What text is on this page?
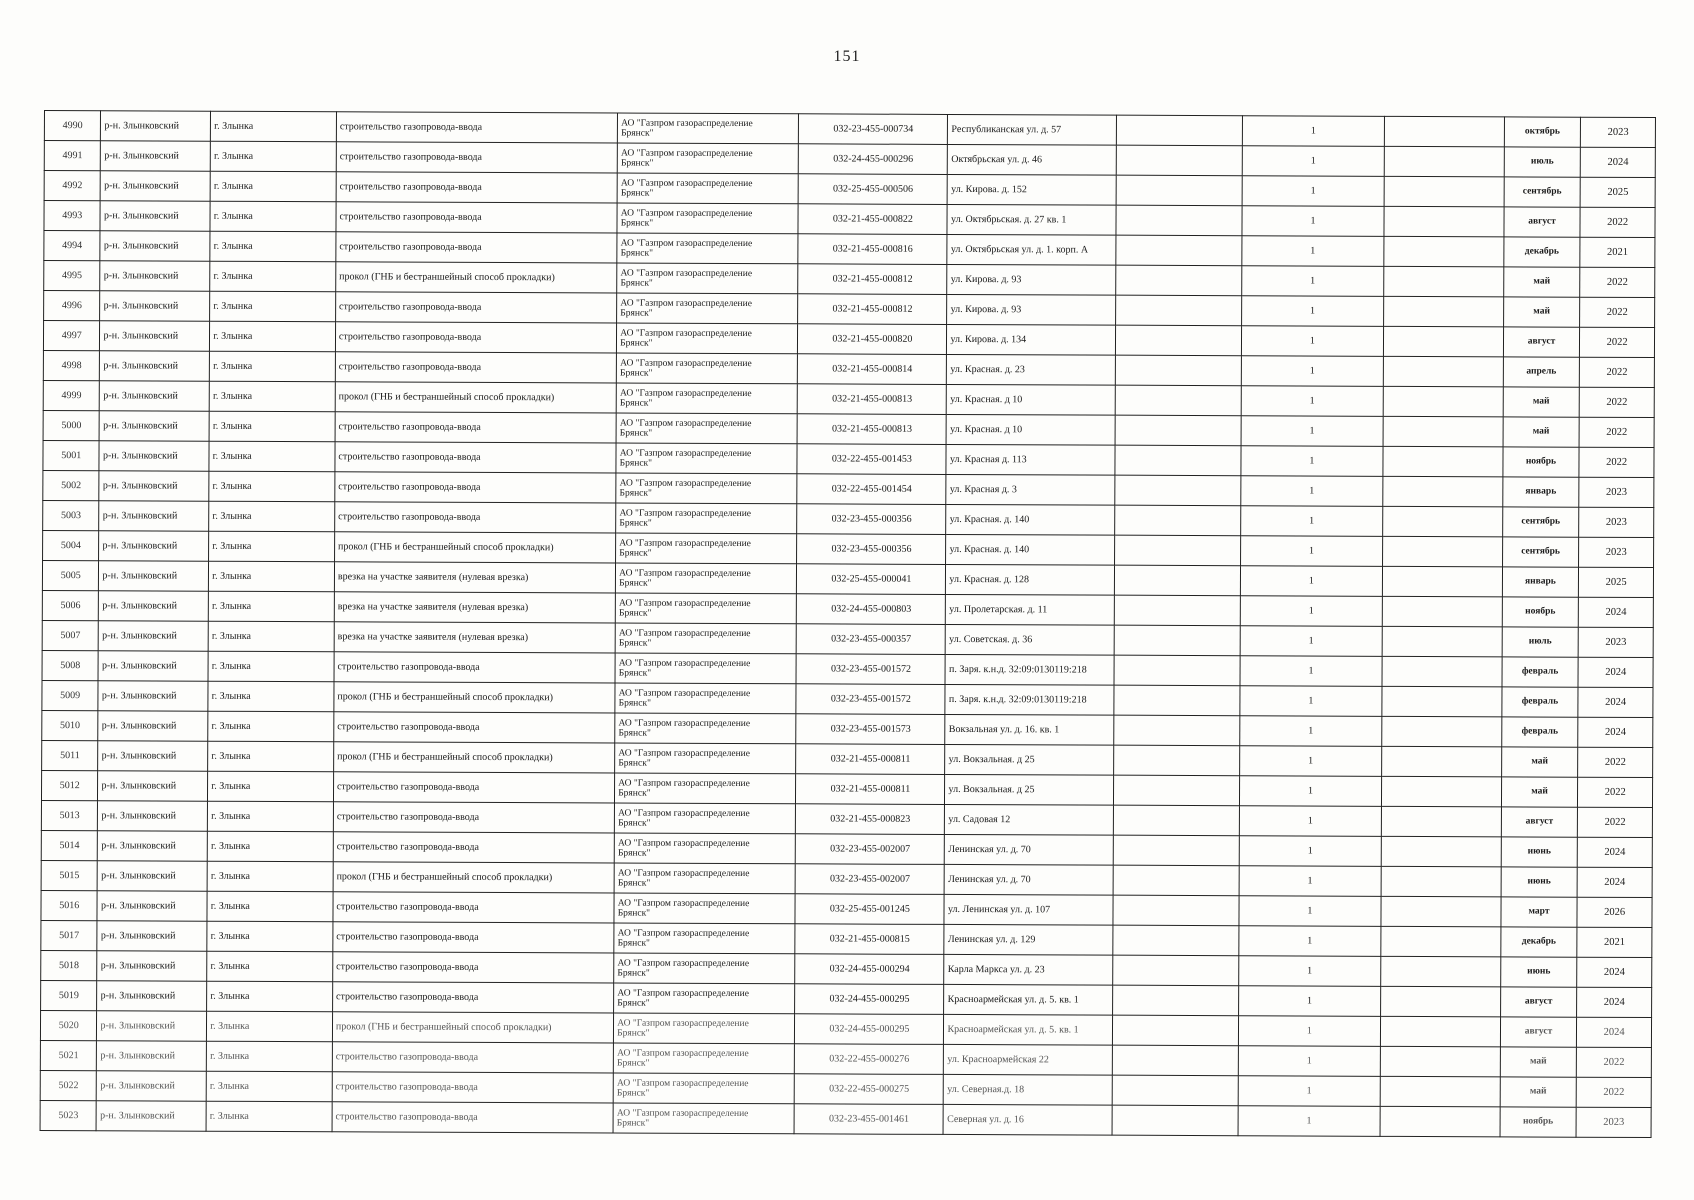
151
4990	р-н. Злынковский	г. Злынка	строительство газопровода-ввода	АО "Газпром газораспределение
Брянск"	032-23-455-000734	Республиканская ул. д. 57		1		октябрь	2023
4991	р-н. Злынковский	г. Злынка	строительство газопровода-ввода	АО "Газпром газораспределение
Брянск"	032-24-455-000296	Октябрьская ул. д. 46		1		июль	2024
4992	р-н. Злынковский	г. Злынка	строительство газопровода-ввода	АО "Газпром газораспределение
Брянск"	032-25-455-000506	ул. Кирова. д. 152		1		сентябрь	2025
4993	р-н. Злынковский	г. Злынка	строительство газопровода-ввода	АО "Газпром газораспределение
Брянск"	032-21-455-000822	ул. Октябрьская. д. 27 кв. 1		1		август	2022
4994	р-н. Злынковский	г. Злынка	строительство газопровода-ввода	АО "Газпром газораспределение
Брянск"	032-21-455-000816	ул. Октябрьская ул. д. 1. корп. А		1		декабрь	2021
4995	р-н. Злынковский	г. Злынка	прокол (ГНБ и бестраншейный способ прокладки)	АО "Газпром газораспределение
Брянск"	032-21-455-000812	ул. Кирова. д. 93		1		май	2022
4996	р-н. Злынковский	г. Злынка	строительство газопровода-ввода	АО "Газпром газораспределение
Брянск"	032-21-455-000812	ул. Кирова. д. 93		1		май	2022
4997	р-н. Злынковский	г. Злынка	строительство газопровода-ввода	АО "Газпром газораспределение
Брянск"	032-21-455-000820	ул. Кирова. д. 134		1		август	2022
4998	р-н. Злынковский	г. Злынка	строительство газопровода-ввода	АО "Газпром газораспределение
Брянск"	032-21-455-000814	ул. Красная. д. 23		1		апрель	2022
4999	р-н. Злынковский	г. Злынка	прокол (ГНБ и бестраншейный способ прокладки)	АО "Газпром газораспределение
Брянск"	032-21-455-000813	ул. Красная. д 10		1		май	2022
5000	р-н. Злынковский	г. Злынка	строительство газопровода-ввода	АО "Газпром газораспределение
Брянск"	032-21-455-000813	ул. Красная. д 10		1		май	2022
5001	р-н. Злынковский	г. Злынка	строительство газопровода-ввода	АО "Газпром газораспределение
Брянск"	032-22-455-001453	ул. Красная д. 113		1		ноябрь	2022
5002	р-н. Злынковский	г. Злынка	строительство газопровода-ввода	АО "Газпром газораспределение
Брянск"	032-22-455-001454	ул. Красная д. 3		1		январь	2023
5003	р-н. Злынковский	г. Злынка	строительство газопровода-ввода	АО "Газпром газораспределение
Брянск"	032-23-455-000356	ул. Красная. д. 140		1		сентябрь	2023
5004	р-н. Злынковский	г. Злынка	прокол (ГНБ и бестраншейный способ прокладки)	АО "Газпром газораспределение
Брянск"	032-23-455-000356	ул. Красная. д. 140		1		сентябрь	2023
5005	р-н. Злынковский	г. Злынка	врезка на участке заявителя (нулевая врезка)	АО "Газпром газораспределение
Брянск"	032-25-455-000041	ул. Красная. д. 128		1		январь	2025
5006	р-н. Злынковский	г. Злынка	врезка на участке заявителя (нулевая врезка)	АО "Газпром газораспределение
Брянск"	032-24-455-000803	ул. Пролетарская. д. 11		1		ноябрь	2024
5007	р-н. Злынковский	г. Злынка	врезка на участке заявителя (нулевая врезка)	АО "Газпром газораспределение
Брянск"	032-23-455-000357	ул. Советская. д. 36		1		июль	2023
5008	р-н. Злынковский	г. Злынка	строительство газопровода-ввода	АО "Газпром газораспределение
Брянск"	032-23-455-001572	п. Заря. к.н.д. 32:09:0130119:218		1		февраль	2024
5009	р-н. Злынковский	г. Злынка	прокол (ГНБ и бестраншейный способ прокладки)	АО "Газпром газораспределение
Брянск"	032-23-455-001572	п. Заря. к.н.д. 32:09:0130119:218		1		февраль	2024
5010	р-н. Злынковский	г. Злынка	строительство газопровода-ввода	АО "Газпром газораспределение
Брянск"	032-23-455-001573	Вокзальная ул. д. 16. кв. 1		1		февраль	2024
5011	р-н. Злынковский	г. Злынка	прокол (ГНБ и бестраншейный способ прокладки)	АО "Газпром газораспределение
Брянск"	032-21-455-000811	ул. Вокзальная. д 25		1		май	2022
5012	р-н. Злынковский	г. Злынка	строительство газопровода-ввода	АО "Газпром газораспределение
Брянск"	032-21-455-000811	ул. Вокзальная. д 25		1		май	2022
5013	р-н. Злынковский	г. Злынка	строительство газопровода-ввода	АО "Газпром газораспределение
Брянск"	032-21-455-000823	ул. Садовая 12		1		август	2022
5014	р-н. Злынковский	г. Злынка	строительство газопровода-ввода	АО "Газпром газораспределение
Брянск"	032-23-455-002007	Ленинская ул. д. 70		1		июнь	2024
5015	р-н. Злынковский	г. Злынка	прокол (ГНБ и бестраншейный способ прокладки)	АО "Газпром газораспределение
Брянск"	032-23-455-002007	Ленинская ул. д. 70		1		июнь	2024
5016	р-н. Злынковский	г. Злынка	строительство газопровода-ввода	АО "Газпром газораспределение
Брянск"	032-25-455-001245	ул. Ленинская ул. д. 107		1		март	2026
5017	р-н. Злынковский	г. Злынка	строительство газопровода-ввода	АО "Газпром газораспределение
Брянск"	032-21-455-000815	Ленинская ул. д. 129		1		декабрь	2021
5018	р-н. Злынковский	г. Злынка	строительство газопровода-ввода	АО "Газпром газораспределение
Брянск"	032-24-455-000294	Карла Маркса ул. д. 23		1		июнь	2024
5019	р-н. Злынковский	г. Злынка	строительство газопровода-ввода	АО "Газпром газораспределение
Брянск"	032-24-455-000295	Красноармейская ул. д. 5. кв. 1		1		август	2024
5020	р-н. Злынковский	г. Злынка	прокол (ГНБ и бестраншейный способ прокладки)	АО "Газпром газораспределение
Брянск"	032-24-455-000295	Красноармейская ул. д. 5. кв. 1		1		август	2024
5021	р-н. Злынковский	г. Злынка	строительство газопровода-ввода	АО "Газпром газораспределение
Брянск"	032-22-455-000276	ул. Красноармейская 22		1		май	2022
5022	р-н. Злынковский	г. Злынка	строительство газопровода-ввода	АО "Газпром газораспределение
Брянск"	032-22-455-000275	ул. Северная.д. 18		1		май	2022
5023	р-н. Злынковский	г. Злынка	строительство газопровода-ввода	АО "Газпром газораспределение
Брянск"	032-23-455-001461	Северная ул. д. 16		1		ноябрь	2023
